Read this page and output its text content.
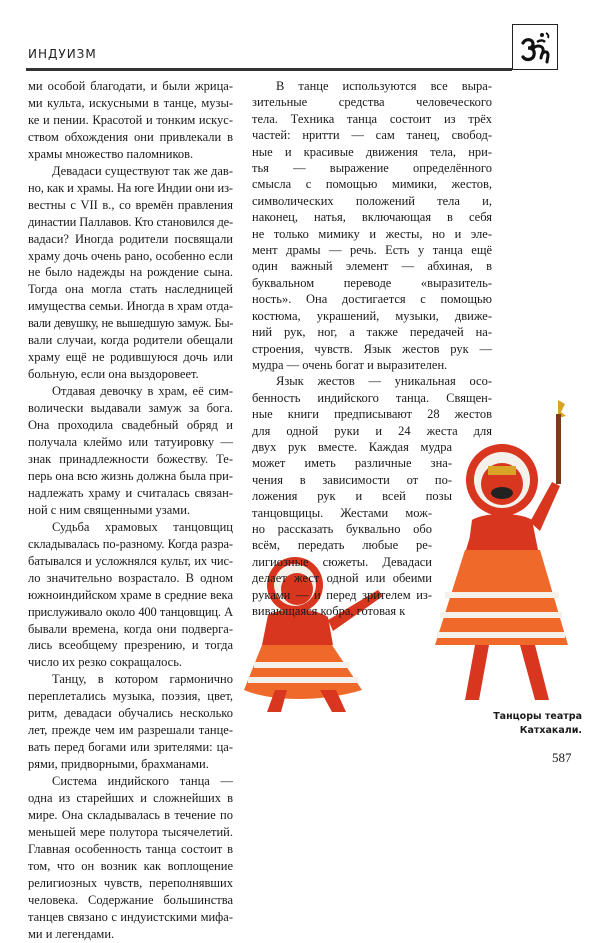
ИНДУИЗМ
ми особой благодати, и были жрица-
ми культа, искусными в танце, музы-
ке и пении. Красотой и тонким искус-
ством обхождения они привлекали в
храмы множество паломников.
Девадаси существуют так же дав-
но, как и храмы. На юге Индии они из-
вестны с VII в., со времён правления
династии Паллавов. Кто становился де-
вадаси? Иногда родители посвящали
храму дочь очень рано, особенно если
не было надежды на рождение сына.
Тогда она могла стать наследницей
имущества семьи. Иногда в храм отда-
вали девушку, не вышедшую замуж. Бы-
вали случаи, когда родители обещали
храму ещё не родившуюся дочь или
больную, если она выздоровеет.
Отдавая девочку в храм, её сим-
волически выдавали замуж за бога.
Она проходила свадебный обряд и
получала клеймо или татуировку —
знак принадлежности божеству. Те-
перь она всю жизнь должна была при-
надлежать храму и считалась связан-
ной с ним священными узами.
Судьба храмовых танцовщиц
складывалась по-разному. Когда разра-
батывался и усложнялся культ, их чис-
ло значительно возрастало. В одном
южноиндийском храме в средние века
прислуживало около 400 танцовщиц. А
бывали времена, когда они подверга-
лись всеобщему презрению, и тогда
число их резко сокращалось.
Танцу, в котором гармонично
переплетались музыка, поэзия, цвет,
ритм, девадаси обучались несколько
лет, прежде чем им разрешали танце-
вать перед богами или зрителями: ца-
рями, придворными, брахманами.
Система индийского танца —
одна из старейших и сложнейших в
мире. Она складывалась в течение по
меньшей мере полутора тысячелетий.
Главная особенность танца состоит в
том, что он возник как воплощение
религиозных чувств, переполнявших
человека. Содержание большинства
танцев связано с индуистскими мифа-
ми и легендами.
В танце используются все выра-
зительные средства человеческого
тела. Техника танца состоит из трёх
частей: нритти — сам танец, свобод-
ные и красивые движения тела, нри-
тья — выражение определённого
смысла с помощью мимики, жестов,
символических положений тела и,
наконец, натья, включающая в себя
не только мимику и жесты, но и эле-
мент драмы — речь. Есть у танца ещё
один важный элемент — абхиная, в
буквальном переводе «выразитель-
ность». Она достигается с помощью
костюма, украшений, музыки, движе-
ний рук, ног, а также передачей на-
строения, чувств. Язык жестов рук —
мудра — очень богат и выразителен.
Язык жестов — уникальная осо-
бенность индийского танца. Священ-
ные книги предписывают 28 жестов
для одной руки и 24 жеста для
двух рук вместе. Каждая мудра
может иметь различные зна-
чения в зависимости от по-
ложения рук и всей позы
танцовщицы. Жестами мож-
но рассказать буквально обо
всём, передать любые ре-
лигиозные сюжеты. Девадаси
делает жест одной или обеими
руками — и перед зрителем из-
вивающаяся кобра, готовая к
Танцоры театра
Катхакали.
587
